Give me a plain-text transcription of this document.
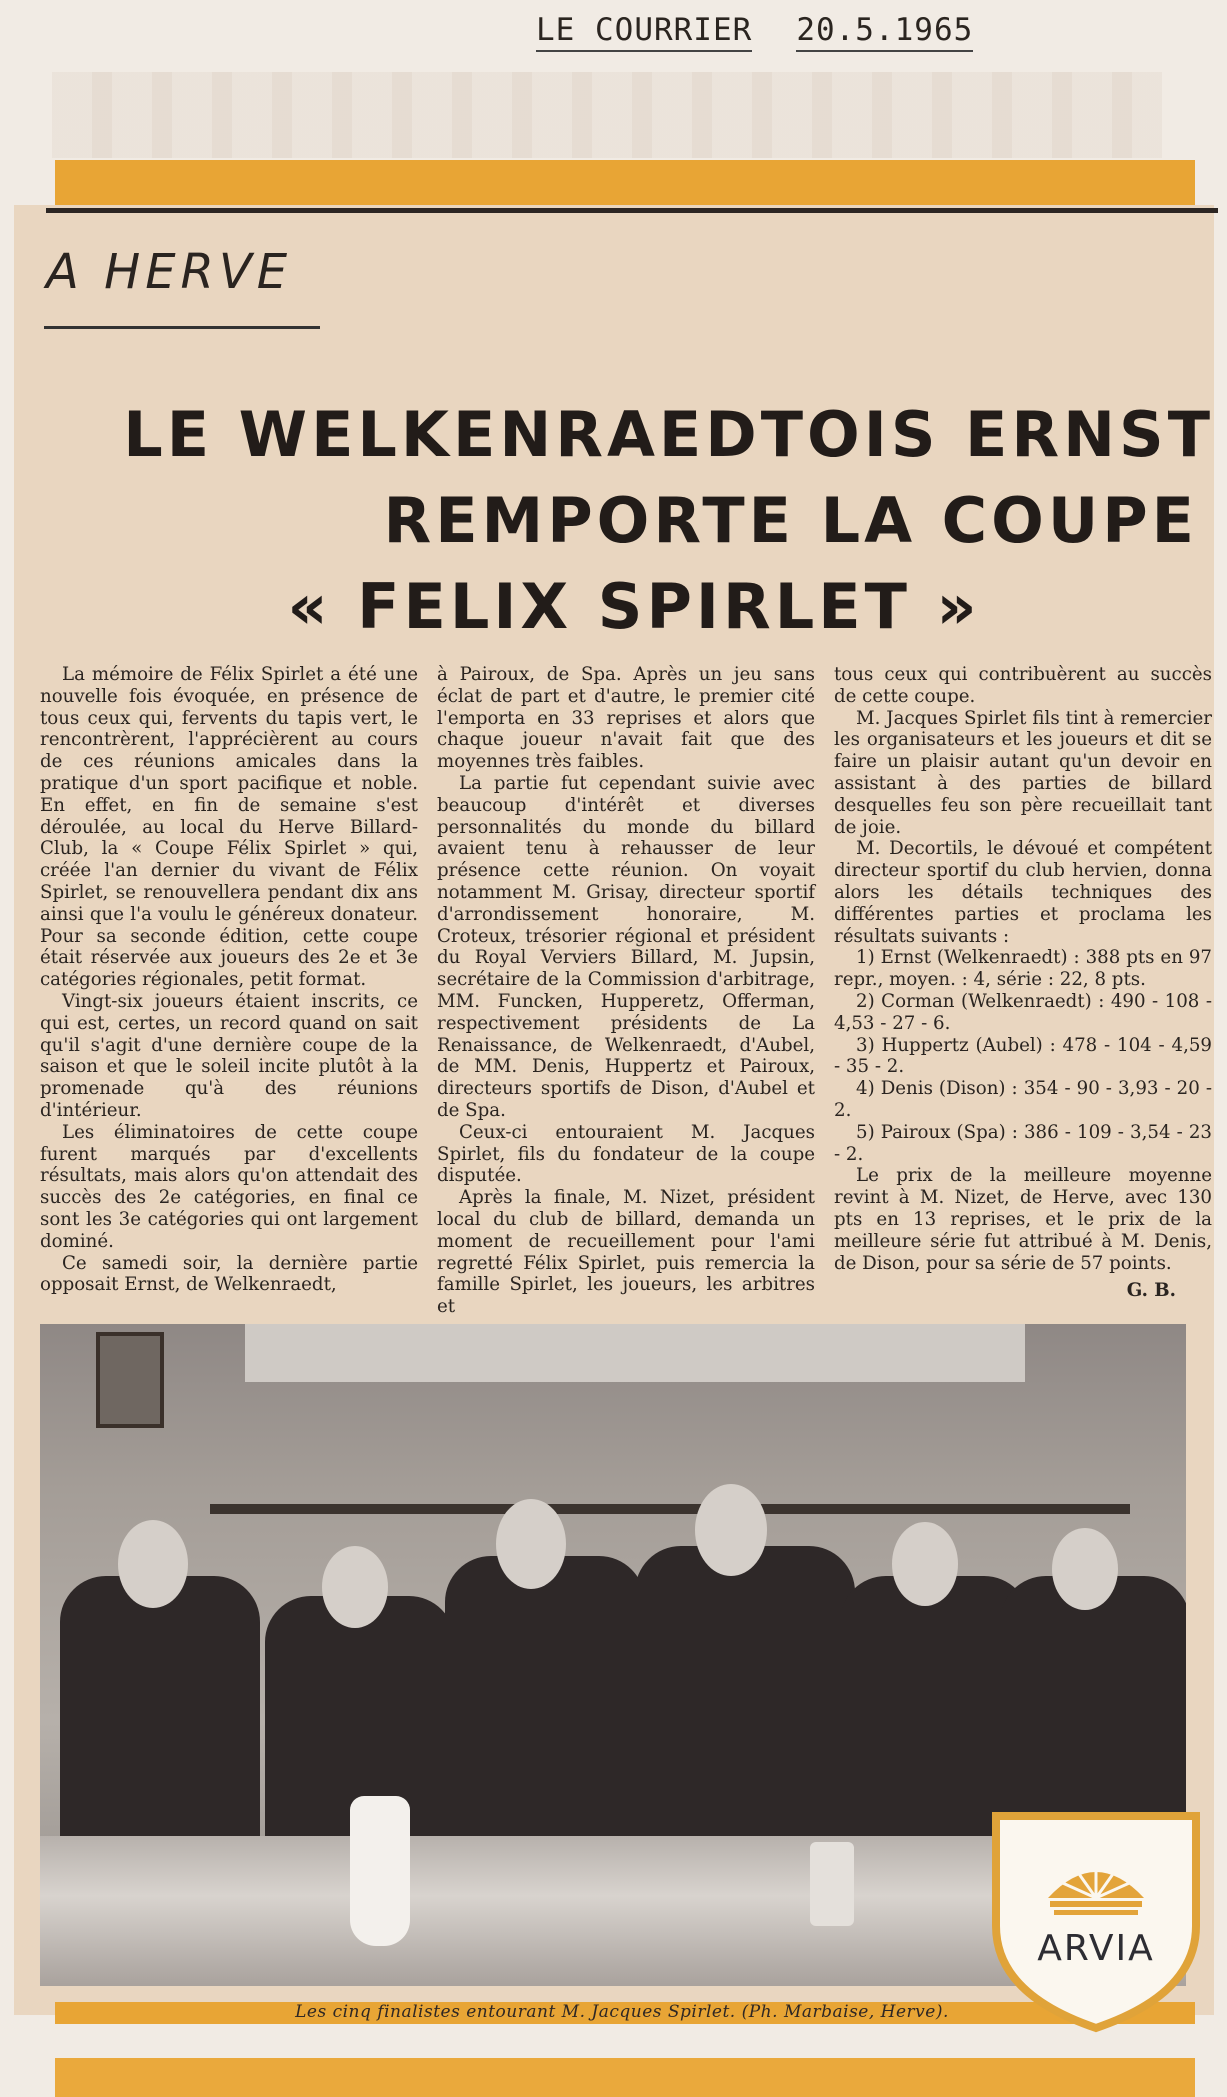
LE COURRIER 20.5.1965
A HERVE
LE WELKENRAEDTOIS ERNST
REMPORTE LA COUPE
« FELIX SPIRLET »

La mémoire de Félix Spirlet a été une nouvelle fois évoquée, en présence de tous ceux qui, fervents du tapis vert, le rencontrèrent, l'apprécièrent au cours de ces réunions amicales dans la pratique d'un sport pacifique et noble. En effet, en fin de semaine s'est déroulée, au local du Herve Billard-Club, la « Coupe Félix Spirlet » qui, créée l'an dernier du vivant de Félix Spirlet, se renouvellera pendant dix ans ainsi que l'a voulu le généreux donateur. Pour sa seconde édition, cette coupe était réservée aux joueurs des 2e et 3e catégories régionales, petit format.

Vingt-six joueurs étaient inscrits, ce qui est, certes, un record quand on sait qu'il s'agit d'une dernière coupe de la saison et que le soleil incite plutôt à la promenade qu'à des réunions d'intérieur.

Les éliminatoires de cette coupe furent marqués par d'excellents résultats, mais alors qu'on attendait des succès des 2e catégories, en final ce sont les 3e catégories qui ont largement dominé.

Ce samedi soir, la dernière partie opposait Ernst, de Welkenraedt,

à Pairoux, de Spa. Après un jeu sans éclat de part et d'autre, le premier cité l'emporta en 33 reprises et alors que chaque joueur n'avait fait que des moyennes très faibles.

La partie fut cependant suivie avec beaucoup d'intérêt et diverses personnalités du monde du billard avaient tenu à rehausser de leur présence cette réunion. On voyait notamment M. Grisay, directeur sportif d'arrondissement honoraire, M. Croteux, trésorier régional et président du Royal Verviers Billard, M. Jupsin, secrétaire de la Commission d'arbitrage, MM. Funcken, Hupperetz, Offerman, respectivement présidents de La Renaissance, de Welkenraedt, d'Aubel, de MM. Denis, Huppertz et Pairoux, directeurs sportifs de Dison, d'Aubel et de Spa.

Ceux-ci entouraient M. Jacques Spirlet, fils du fondateur de la coupe disputée.

Après la finale, M. Nizet, président local du club de billard, demanda un moment de recueillement pour l'ami regretté Félix Spirlet, puis remercia la famille Spirlet, les joueurs, les arbitres et

tous ceux qui contribuèrent au succès de cette coupe.

M. Jacques Spirlet fils tint à remercier les organisateurs et les joueurs et dit se faire un plaisir autant qu'un devoir en assistant à des parties de billard desquelles feu son père recueillait tant de joie.

M. Decortils, le dévoué et compétent directeur sportif du club hervien, donna alors les détails techniques des différentes parties et proclama les résultats suivants :

1) Ernst (Welkenraedt) : 388 pts en 97 repr., moyen. : 4, série : 22, 8 pts.

2) Corman (Welkenraedt) : 490 - 108 - 4,53 - 27 - 6.

3) Huppertz (Aubel) : 478 - 104 - 4,59 - 35 - 2.

4) Denis (Dison) : 354 - 90 - 3,93 - 20 - 2.

5) Pairoux (Spa) : 386 - 109 - 3,54 - 23 - 2.

Le prix de la meilleure moyenne revint à M. Nizet, de Herve, avec 130 pts en 13 reprises, et le prix de la meilleure série fut attribué à M. Denis, de Dison, pour sa série de 57 points.

G. B.
Les cinq finalistes entourant M. Jacques Spirlet. (Ph. Marbaise, Herve).
ARVIA
